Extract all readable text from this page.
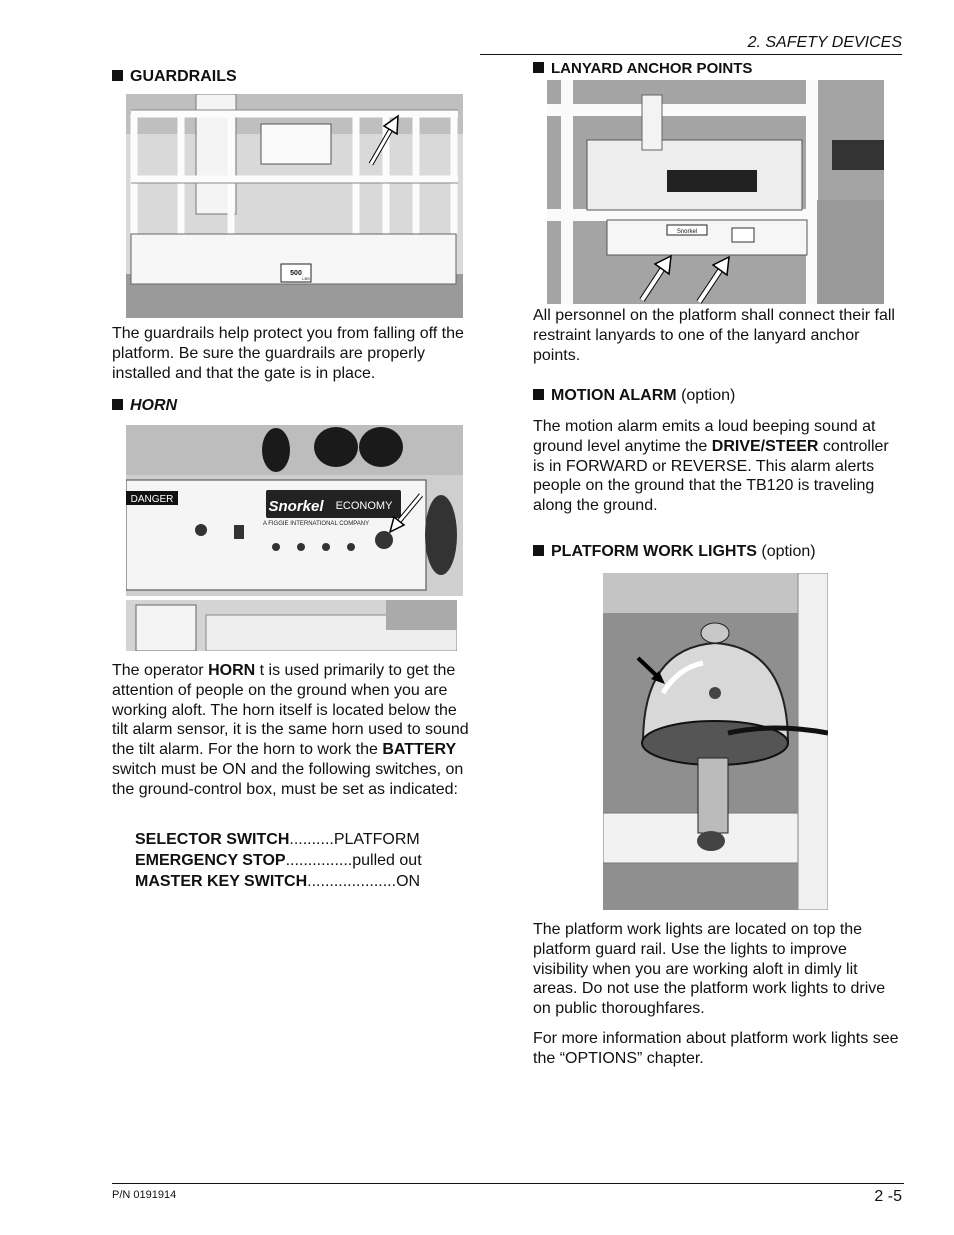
2. SAFETY DEVICES
GUARDRAILS
500
LBS

The guardrails help protect you from falling off the platform. Be sure the guardrails are properly installed and that the gate is in place.

HORN
DANGER	Snorkel ECONOMY
A FIGGIE INTERNATIONAL COMPANY

The operator HORN t is used primarily to get the attention of people on the ground when you are working aloft. The horn itself is located below the tilt alarm sensor, it is the same horn used to sound the tilt alarm. For the horn to work the BATTERY switch must be ON and the following switches, on the ground-control box, must be set as indicated:

SELECTOR SWITCH..........PLATFORM
EMERGENCY STOP...............pulled out
MASTER KEY SWITCH....................ON
LANYARD ANCHOR POINTS
Snorkel

All personnel on the platform shall connect their fall restraint lanyards to one of the lanyard anchor points.

MOTION ALARM (option)

The motion alarm emits a loud beeping sound at ground level anytime the DRIVE/STEER controller is in FORWARD or REVERSE. This alarm alerts people on the ground that the TB120 is traveling along the ground.

PLATFORM WORK LIGHTS (option)

The platform work lights are located on top the platform guard rail. Use the lights to improve visibility when you are working aloft in dimly lit areas. Do not use the platform work lights to drive on public thoroughfares.

For more information about platform work lights see the “OPTIONS” chapter.

P/N 0191914	2 -5
